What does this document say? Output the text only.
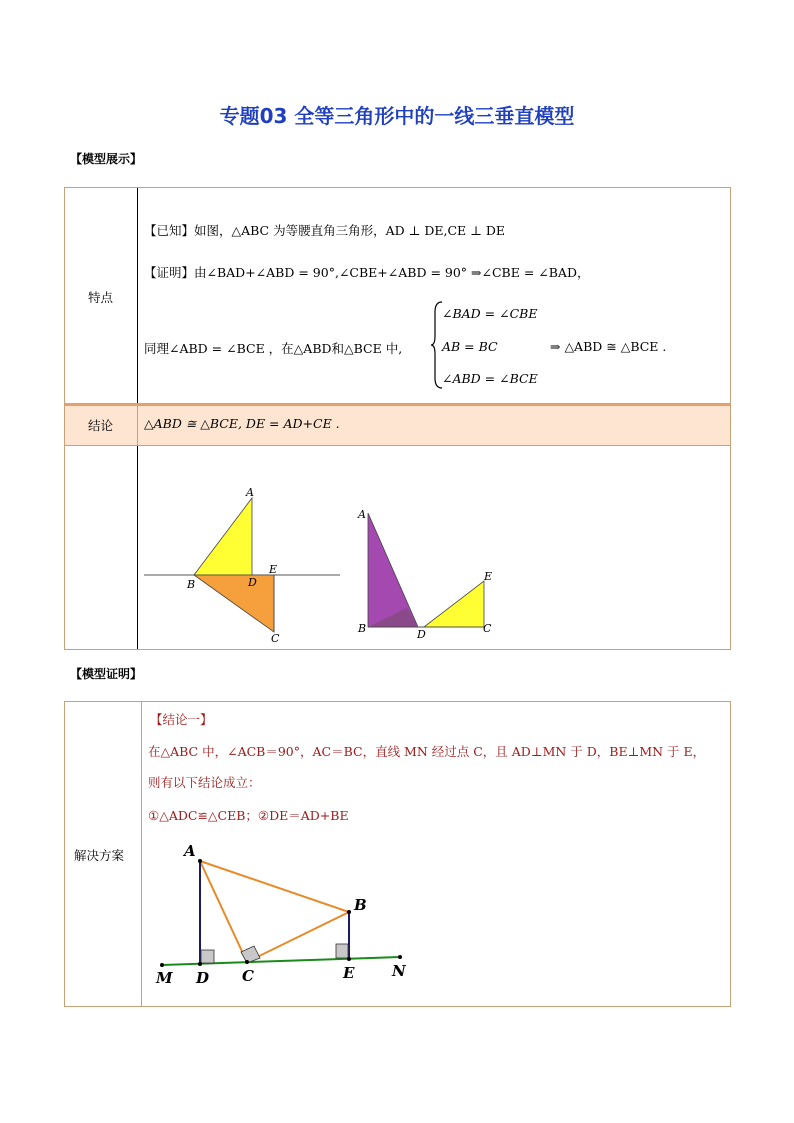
专题03 全等三角形中的一线三垂直模型
【模型展示】
特点
【已知】如图，△ABC 为等腰直角三角形，AD ⊥ DE,CE ⊥ DE
【证明】由∠BAD+∠ABD = 90°,∠CBE+∠ABD = 90° ⇒∠CBE = ∠BAD，
同理∠ABD = ∠BCE ，在△ABD和△BCE 中,
∠BAD = ∠CBE
AB = BC
∠ABD = ∠BCE
⇒ △ABD ≅ △BCE .
结论 △ABD ≅ △BCE, DE = AD+CE .
A
B	D
E
C
A
B	D	C
E
【模型证明】
解决方案
【结论一】
在△ABC 中，∠ACB＝90°，AC＝BC，直线 MN 经过点 C，且 AD⊥MN 于 D，BE⊥MN 于 E，
则有以下结论成立：
①△ADC≌△CEB；②DE＝AD+BE
A
B
M D C	E	N
